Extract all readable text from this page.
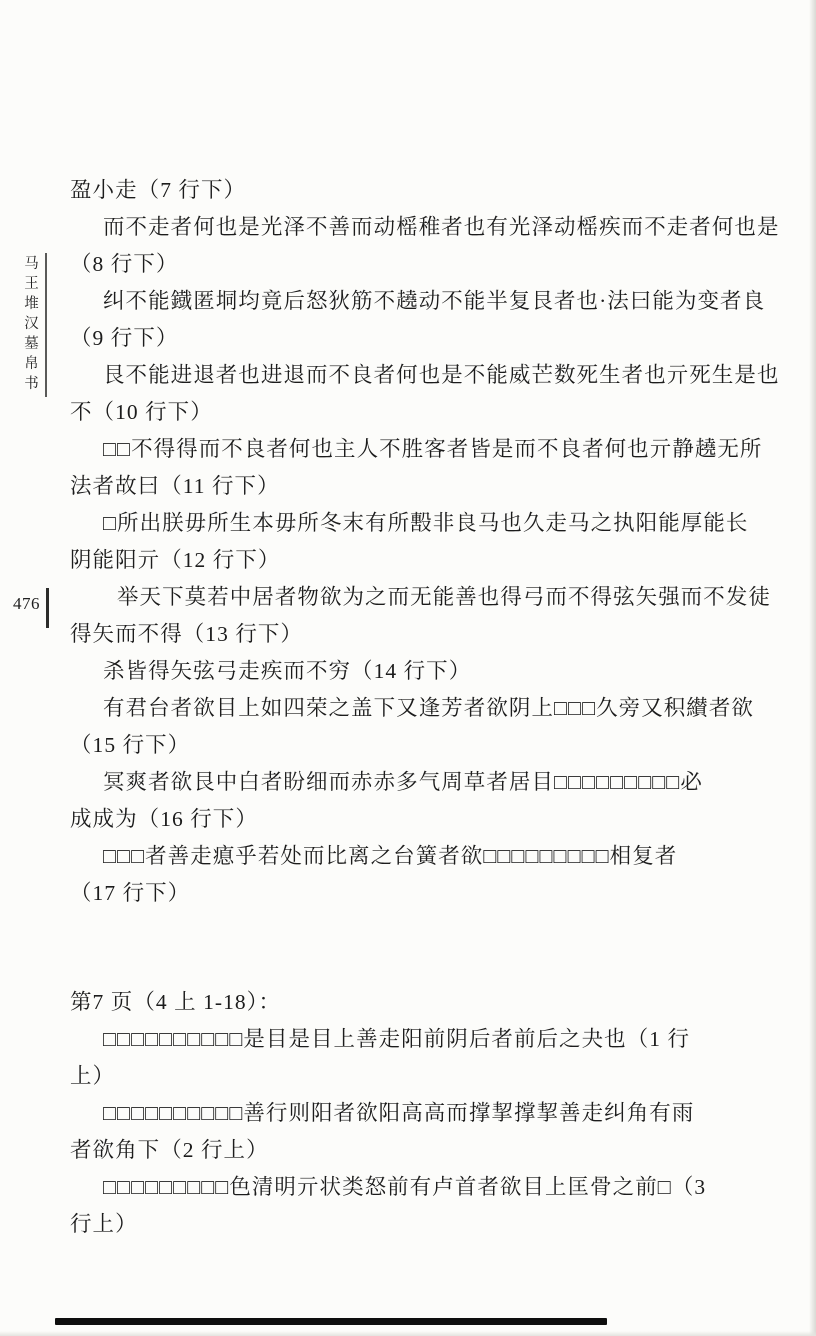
马王堆汉墓帛书
476
盈小走（7 行下）
而不走者何也是光泽不善而动榣稚者也有光泽动榣疾而不走者何也是
（8 行下）
纠不能鐡匿垌均竟后怒狄筋不趬动不能半复艮者也·法曰能为变者良
（9 行下）
艮不能进退者也进退而不良者何也是不能威芒数死生者也亓死生是也
不（10 行下）
□□不得得而不良者何也主人不胜客者皆是而不良者何也亓静趬无所
法者故曰（11 行下）
□所出朕毋所生本毋所冬末有所毄非良马也久走马之执阳能厚能长
阴能阳亓（12 行下）
举天下莫若中居者物欲为之而无能善也得弓而不得弦矢强而不发徒
得矢而不得（13 行下）
杀皆得矢弦弓走疾而不穷（14 行下）
有君台者欲目上如四荣之盖下又逢芳者欲阴上□□□久旁又积纉者欲
（15 行下）
冥爽者欲艮中白者盼细而赤赤多气周草者居目□□□□□□□□□必
成成为（16 行下）
□□□者善走瘜乎若处而比离之台簧者欲□□□□□□□□□相复者
（17 行下）
第7 页（4 上 1-18）：
□□□□□□□□□□是目是目上善走阳前阴后者前后之夬也（1 行
上）
□□□□□□□□□□善行则阳者欲阳高高而撑挈撑挈善走纠角有雨
者欲角下（2 行上）
□□□□□□□□□色清明亓状类怒前有卢首者欲目上匡骨之前□（3
行上）
